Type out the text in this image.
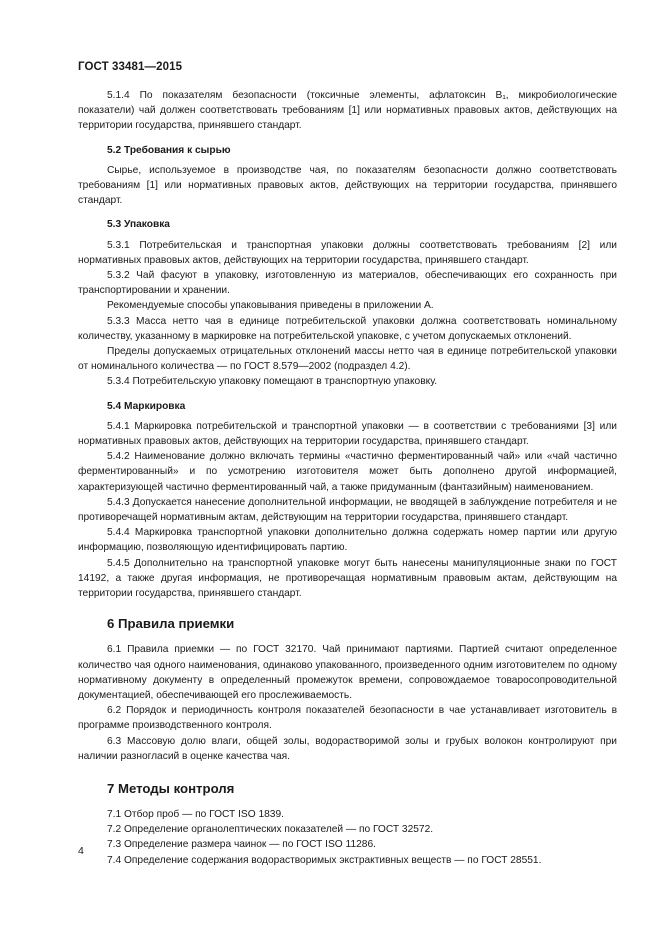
ГОСТ 33481—2015

5.1.4 По показателям безопасности (токсичные элементы, афлатоксин В₁, микробиологические показатели) чай должен соответствовать требованиям [1] или нормативных правовых актов, действующих на территории государства, принявшего стандарт.

5.2 Требования к сырью

Сырье, используемое в производстве чая, по показателям безопасности должно соответствовать требованиям [1] или нормативных правовых актов, действующих на территории государства, принявшего стандарт.

5.3 Упаковка

5.3.1 Потребительская и транспортная упаковки должны соответствовать требованиям [2] или нормативных правовых актов, действующих на территории государства, принявшего стандарт.

5.3.2 Чай фасуют в упаковку, изготовленную из материалов, обеспечивающих его сохранность при транспортировании и хранении.

Рекомендуемые способы упаковывания приведены в приложении А.

5.3.3 Масса нетто чая в единице потребительской упаковки должна соответствовать номинальному количеству, указанному в маркировке на потребительской упаковке, с учетом допускаемых отклонений.

Пределы допускаемых отрицательных отклонений массы нетто чая в единице потребительской упаковки от номинального количества — по ГОСТ 8.579—2002 (подраздел 4.2).

5.3.4 Потребительскую упаковку помещают в транспортную упаковку.

5.4 Маркировка

5.4.1 Маркировка потребительской и транспортной упаковки — в соответствии с требованиями [3] или нормативных правовых актов, действующих на территории государства, принявшего стандарт.

5.4.2 Наименование должно включать термины «частично ферментированный чай» или «чай частично ферментированный» и по усмотрению изготовителя может быть дополнено другой информацией, характеризующей частично ферментированный чай, а также придуманным (фантазийным) наименованием.

5.4.3 Допускается нанесение дополнительной информации, не вводящей в заблуждение потребителя и не противоречащей нормативным актам, действующим на территории государства, принявшего стандарт.

5.4.4 Маркировка транспортной упаковки дополнительно должна содержать номер партии или другую информацию, позволяющую идентифицировать партию.

5.4.5 Дополнительно на транспортной упаковке могут быть нанесены манипуляционные знаки по ГОСТ 14192, а также другая информация, не противоречащая нормативным правовым актам, действующим на территории государства, принявшего стандарт.

6 Правила приемки

6.1 Правила приемки — по ГОСТ 32170. Чай принимают партиями. Партией считают определенное количество чая одного наименования, одинаково упакованного, произведенного одним изготовителем по одному нормативному документу в определенный промежуток времени, сопровождаемое товаросопроводительной документацией, обеспечивающей его прослеживаемость.

6.2 Порядок и периодичность контроля показателей безопасности в чае устанавливает изготовитель в программе производственного контроля.

6.3 Массовую долю влаги, общей золы, водорастворимой золы и грубых волокон контролируют при наличии разногласий в оценке качества чая.

7 Методы контроля

7.1 Отбор проб — по ГОСТ ISO 1839.

7.2 Определение органолептических показателей — по ГОСТ 32572.

7.3 Определение размера чаинок — по ГОСТ ISO 11286.

7.4 Определение содержания водорастворимых экстрактивных веществ — по ГОСТ 28551.

4
